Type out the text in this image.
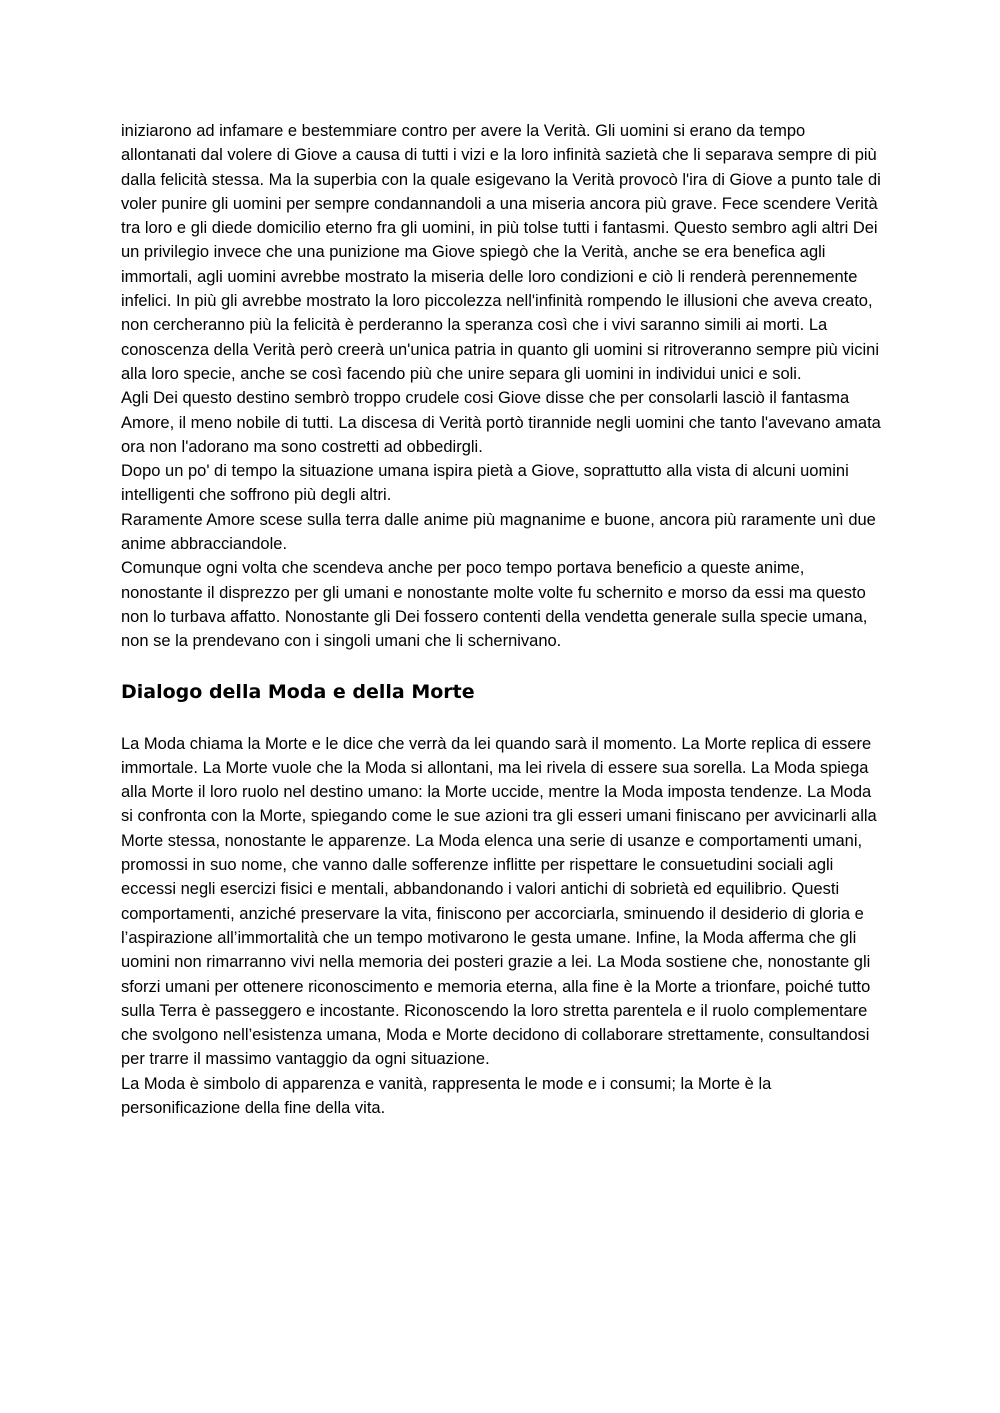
iniziarono ad infamare e bestemmiare contro per avere la Verità. Gli uomini si erano da tempo allontanati dal volere di Giove a causa di tutti i vizi e la loro infinità sazietà che li separava sempre di più dalla felicità stessa. Ma la superbia con la quale esigevano la Verità provocò l'ira di Giove a punto tale di voler punire gli uomini per sempre condannandoli a una miseria ancora più grave. Fece scendere Verità tra loro e gli diede domicilio eterno fra gli uomini, in più tolse tutti i fantasmi. Questo sembro agli altri Dei un privilegio invece che una punizione ma Giove spiegò che la Verità, anche se era benefica agli immortali, agli uomini avrebbe mostrato la miseria delle loro condizioni e ciò li renderà perennemente infelici. In più gli avrebbe mostrato la loro piccolezza nell'infinità rompendo le illusioni che aveva creato, non cercheranno più la felicità è perderanno la speranza così che i vivi saranno simili ai morti. La conoscenza della Verità però creerà un'unica patria in quanto gli uomini si ritroveranno sempre più vicini alla loro specie, anche se così facendo più che unire separa gli uomini in individui unici e soli.

Agli Dei questo destino sembrò troppo crudele cosi Giove disse che per consolarli lasciò il fantasma

Amore, il meno nobile di tutti. La discesa di Verità portò tirannide negli uomini che tanto l'avevano amata ora non l'adorano ma sono costretti ad obbedirgli.

Dopo un po' di tempo la situazione umana ispira pietà a Giove, soprattutto alla vista di alcuni uomini intelligenti che soffrono più degli altri.

Raramente Amore scese sulla terra dalle anime più magnanime e buone, ancora più raramente unì due anime abbracciandole.

Comunque ogni volta che scendeva anche per poco tempo portava beneficio a queste anime, nonostante il disprezzo per gli umani e nonostante molte volte fu schernito e morso da essi ma questo non lo turbava affatto. Nonostante gli Dei fossero contenti della vendetta generale sulla specie umana, non se la prendevano con i singoli umani che li schernivano.

Dialogo della Moda e della Morte

La Moda chiama la Morte e le dice che verrà da lei quando sarà il momento. La Morte replica di essere immortale. La Morte vuole che la Moda si allontani, ma lei rivela di essere sua sorella. La Moda spiega alla Morte il loro ruolo nel destino umano: la Morte uccide, mentre la Moda imposta tendenze. La Moda si confronta con la Morte, spiegando come le sue azioni tra gli esseri umani finiscano per avvicinarli alla Morte stessa, nonostante le apparenze. La Moda elenca una serie di usanze e comportamenti umani, promossi in suo nome, che vanno dalle sofferenze inflitte per rispettare le consuetudini sociali agli eccessi negli esercizi fisici e mentali, abbandonando i valori antichi di sobrietà ed equilibrio. Questi comportamenti, anziché preservare la vita, finiscono per accorciarla, sminuendo il desiderio di gloria e l’aspirazione all’immortalità che un tempo motivarono le gesta umane. Infine, la Moda afferma che gli uomini non rimarranno vivi nella memoria dei posteri grazie a lei. La Moda sostiene che, nonostante gli sforzi umani per ottenere riconoscimento e memoria eterna, alla fine è la Morte a trionfare, poiché tutto sulla Terra è passeggero e incostante. Riconoscendo la loro stretta parentela e il ruolo complementare che svolgono nell’esistenza umana, Moda e Morte decidono di collaborare strettamente, consultandosi per trarre il massimo vantaggio da ogni situazione.

La Moda è simbolo di apparenza e vanità, rappresenta le mode e i consumi; la Morte è la personificazione della fine della vita.
